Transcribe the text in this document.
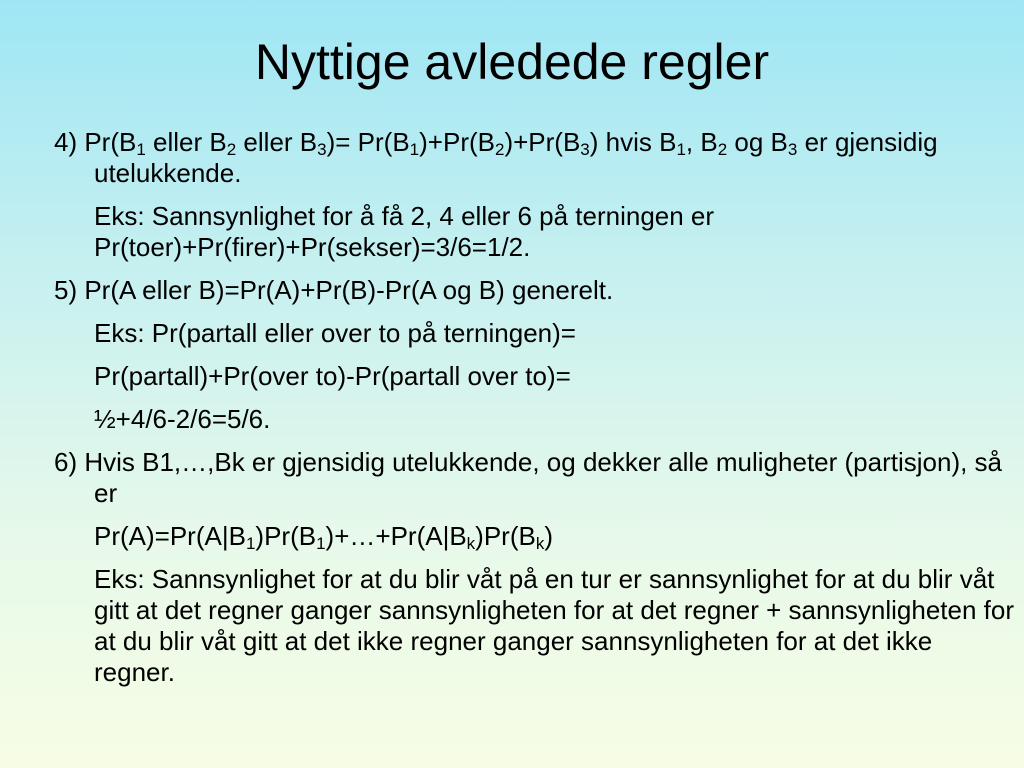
Nyttige avledede regler

4) $Pr(B_1$ eller $B_2$ eller $B_3)= Pr(B_1)+Pr(B_2)+Pr(B_3)$ hvis $B_1$, $B_2$ og $B_3$ er gjensidig utelukkende.

Eks: Sannsynlighet for å få 2, 4 eller 6 på terningen er Pr(toer)+Pr(firer)+Pr(sekser)=3/6=1/2.

5) Pr(A eller B)=Pr(A)+Pr(B)-Pr(A og B) generelt.

Eks: Pr(partall eller over to på terningen)=

Pr(partall)+Pr(over to)-Pr(partall over to)=

½+4/6-2/6=5/6.

6) Hvis B1,…,Bk er gjensidig utelukkende, og dekker alle muligheter (partisjon), så er

$Pr(A)=Pr(A|B_1)Pr(B_1)+\dots+Pr(A|B_k)Pr(B_k)$

Eks: Sannsynlighet for at du blir våt på en tur er sannsynlighet for at du blir våt gitt at det regner ganger sannsynligheten for at det regner + sannsynligheten for at du blir våt gitt at det ikke regner ganger sannsynligheten for at det ikke regner.
